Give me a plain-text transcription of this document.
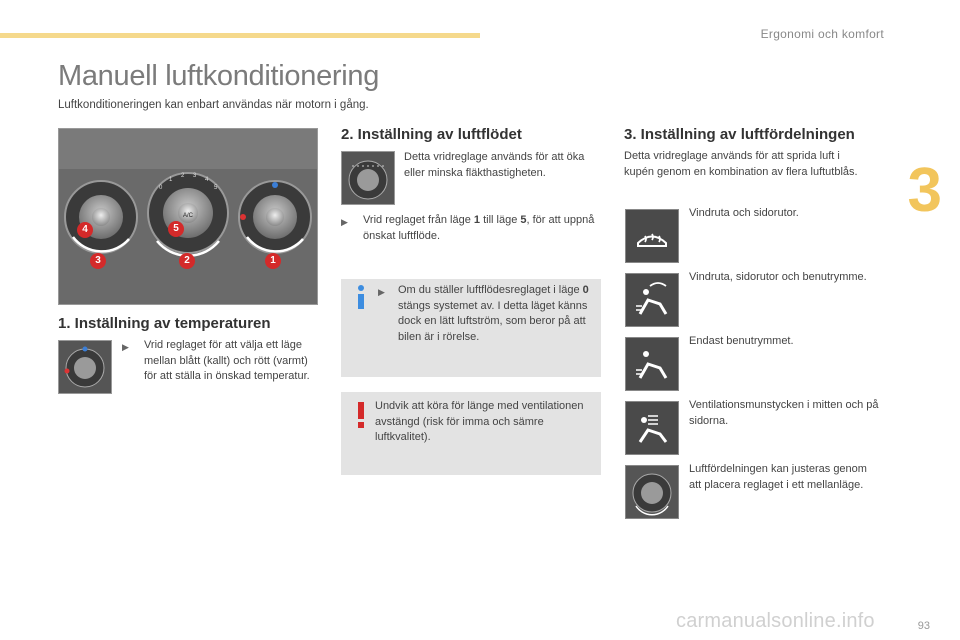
Ergonomi och komfort
3
Manuell luftkonditionering
Luftkonditioneringen kan enbart användas när motorn i gång.
A/C
0
1
2 3
4
5
4
3	2
5
1
1. Inställning av temperaturen
▶ Vrid reglaget för att välja ett läge mellan blått (kallt) och rött (varmt) för att ställa in önskad temperatur.
2. Inställning av luftflödet
Detta vridreglage används för att öka eller minska fläkthastigheten.
▶ Vrid reglaget från läge 1 till läge 5, för att uppnå önskat luftflöde.
▶ Om du ställer luftflödesreglaget i läge 0 stängs systemet av. I detta läget känns dock en lätt luftström, som beror på att bilen är i rörelse.
Undvik att köra för länge med ventilationen avstängd (risk för imma och sämre luftkvalitet).
3. Inställning av luftfördelningen
Detta vridreglage används för att sprida luft i kupén genom en kombination av flera luftutblås.
Vindruta och sidorutor.
Vindruta, sidorutor och benutrymme.
Endast benutrymmet.
Ventilationsmunstycken i mitten och på sidorna.
Luftfördelningen kan justeras genom att placera reglaget i ett mellanläge.
93
carmanualsonline.info
